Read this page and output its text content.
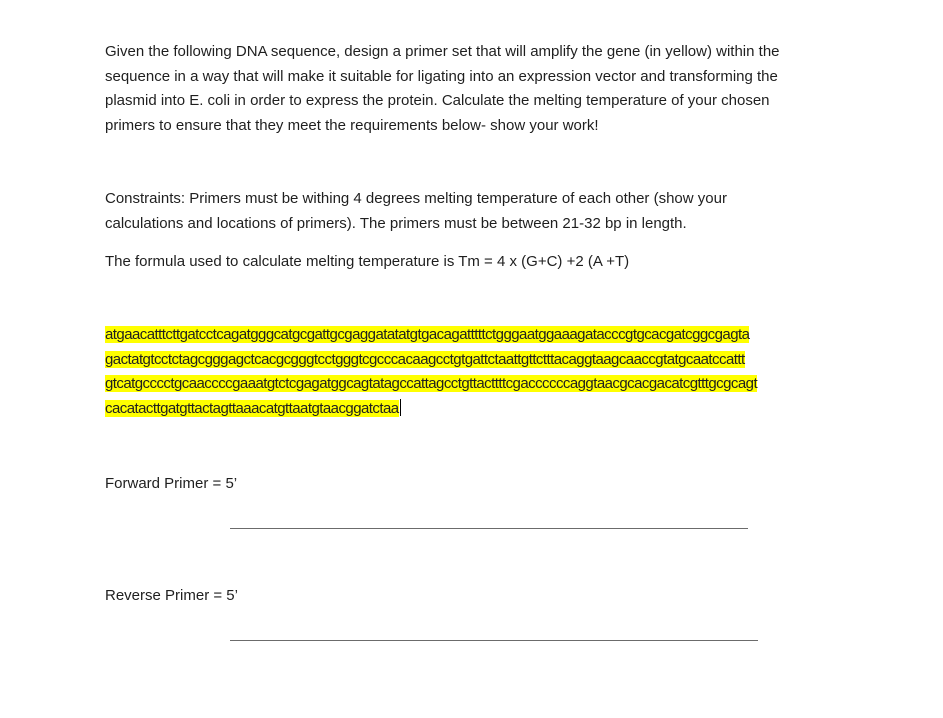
Given the following DNA sequence, design a primer set that will amplify the gene (in yellow) within the
sequence in a way that will make it suitable for ligating into an expression vector and transforming the
plasmid into E. coli in order to express the protein. Calculate the melting temperature of your chosen
primers to ensure that they meet the requirements below- show your work!

Constraints: Primers must be withing 4 degrees melting temperature of each other (show your
calculations and locations of primers). The primers must be between 21-32 bp in length.

The formula used to calculate melting temperature is Tm = 4 x (G+C) +2 (A +T)

atgaacatttcttgatcctcagatgggcatgcgattgcgaggatatatgtgacagatttttctgggaatggaaagatacccgtgcacgatcggcgagta
gactatgtcctctagcgggagctcacgcgggtcctgggtcgcccacaagcctgtgattctaattgttctttacaggtaagcaaccgtatgcaatccattt
gtcatgcccctgcaaccccgaaatgtctcgagatggcagtatagccattagcctgttacttttcgaccccccaggtaacgcacgacatcgtttgcgcagt
cacatacttgatgttactagttaaacatgttaatgtaacggatctaa

Forward Primer = 5’

Reverse Primer = 5’
